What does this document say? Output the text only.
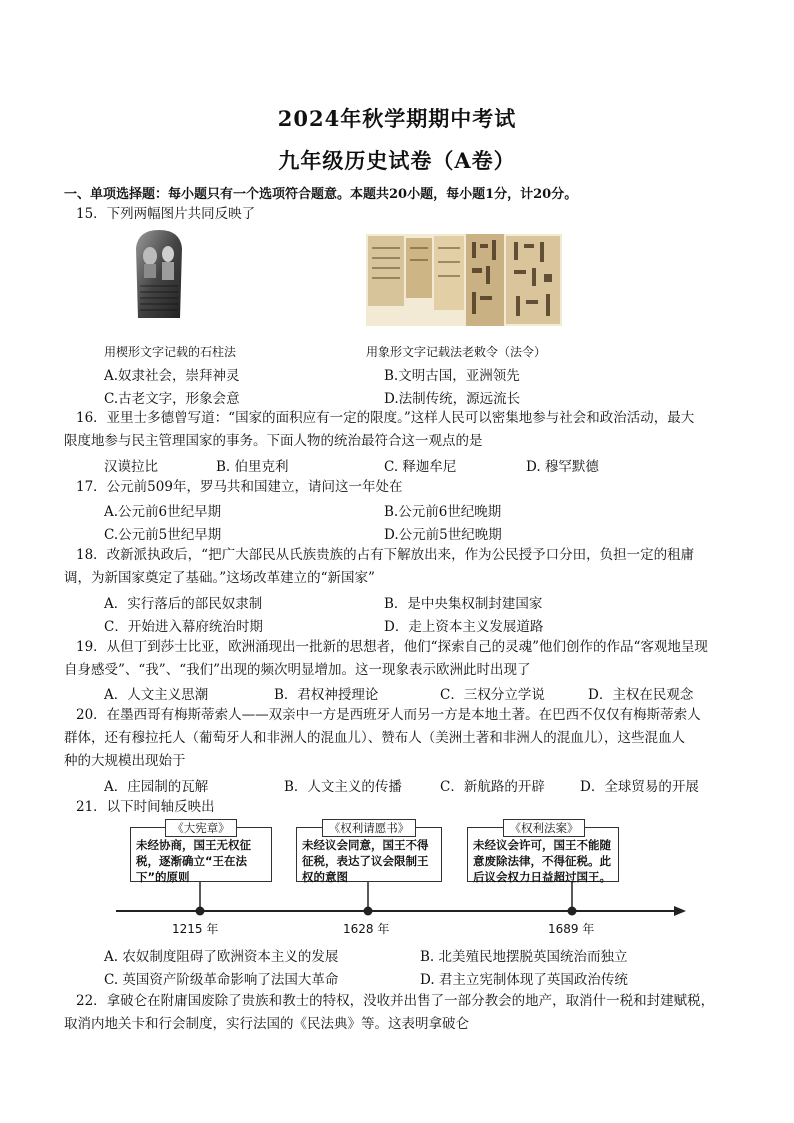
2024年秋学期期中考试
九年级历史试卷（A卷）
一、单项选择题：每小题只有一个选项符合题意。本题共20小题，每小题1分，计20分。
15．下列两幅图片共同反映了
用楔形文字记载的石柱法	用象形文字记载法老敕令（法令）
A.奴隶社会，崇拜神灵	B.文明古国，亚洲领先
C.古老文字，形象会意	D.法制传统，源远流长
16．亚里士多德曾写道：“国家的面积应有一定的限度。”这样人民可以密集地参与社会和政治活动，最大
限度地参与民主管理国家的事务。下面人物的统治最符合这一观点的是
汉谟拉比	B. 伯里克利	C. 释迦牟尼	D. 穆罕默德
17．公元前509年，罗马共和国建立，请问这一年处在
A.公元前6世纪早期	B.公元前6世纪晚期
C.公元前5世纪早期	D.公元前5世纪晚期
18．改新派执政后，“把广大部民从氏族贵族的占有下解放出来，作为公民授予口分田，负担一定的租庸
调，为新国家奠定了基础。”这场改革建立的“新国家”
A．实行落后的部民奴隶制	B．是中央集权制封建国家
C．开始进入幕府统治时期	D．走上资本主义发展道路
19．从但丁到莎士比亚，欧洲涌现出一批新的思想者，他们“探索自己的灵魂”他们创作的作品“客观地呈现
自身感受”、“我”、“我们”出现的频次明显增加。这一现象表示欧洲此时出现了
A．人文主义思潮	B．君权神授理论	C．三权分立学说	D．主权在民观念
20．在墨西哥有梅斯蒂索人——双亲中一方是西班牙人而另一方是本地土著。在巴西不仅仅有梅斯蒂索人
群体，还有穆拉托人（葡萄牙人和非洲人的混血儿）、赞布人（美洲土著和非洲人的混血儿），这些混血人
种的大规模出现始于
A．庄园制的瓦解	B．人文主义的传播	C．新航路的开辟	D．全球贸易的开展
21．以下时间轴反映出
《大宪章》
未经协商，国王无权征税，逐渐确立“王在法下”的原则
1215 年
《权利请愿书》
未经议会同意，国王不得征税，表达了议会限制王权的意图
1628 年
《权利法案》
未经议会许可，国王不能随意废除法律，不得征税。此后议会权力日益超过国王。
1689 年
A. 农奴制度阻碍了欧洲资本主义的发展	B. 北美殖民地摆脱英国统治而独立
C. 英国资产阶级革命影响了法国大革命	D. 君主立宪制体现了英国政治传统
22．拿破仑在附庸国废除了贵族和教士的特权，没收并出售了一部分教会的地产，取消什一税和封建赋税，
取消内地关卡和行会制度，实行法国的《民法典》等。这表明拿破仑
